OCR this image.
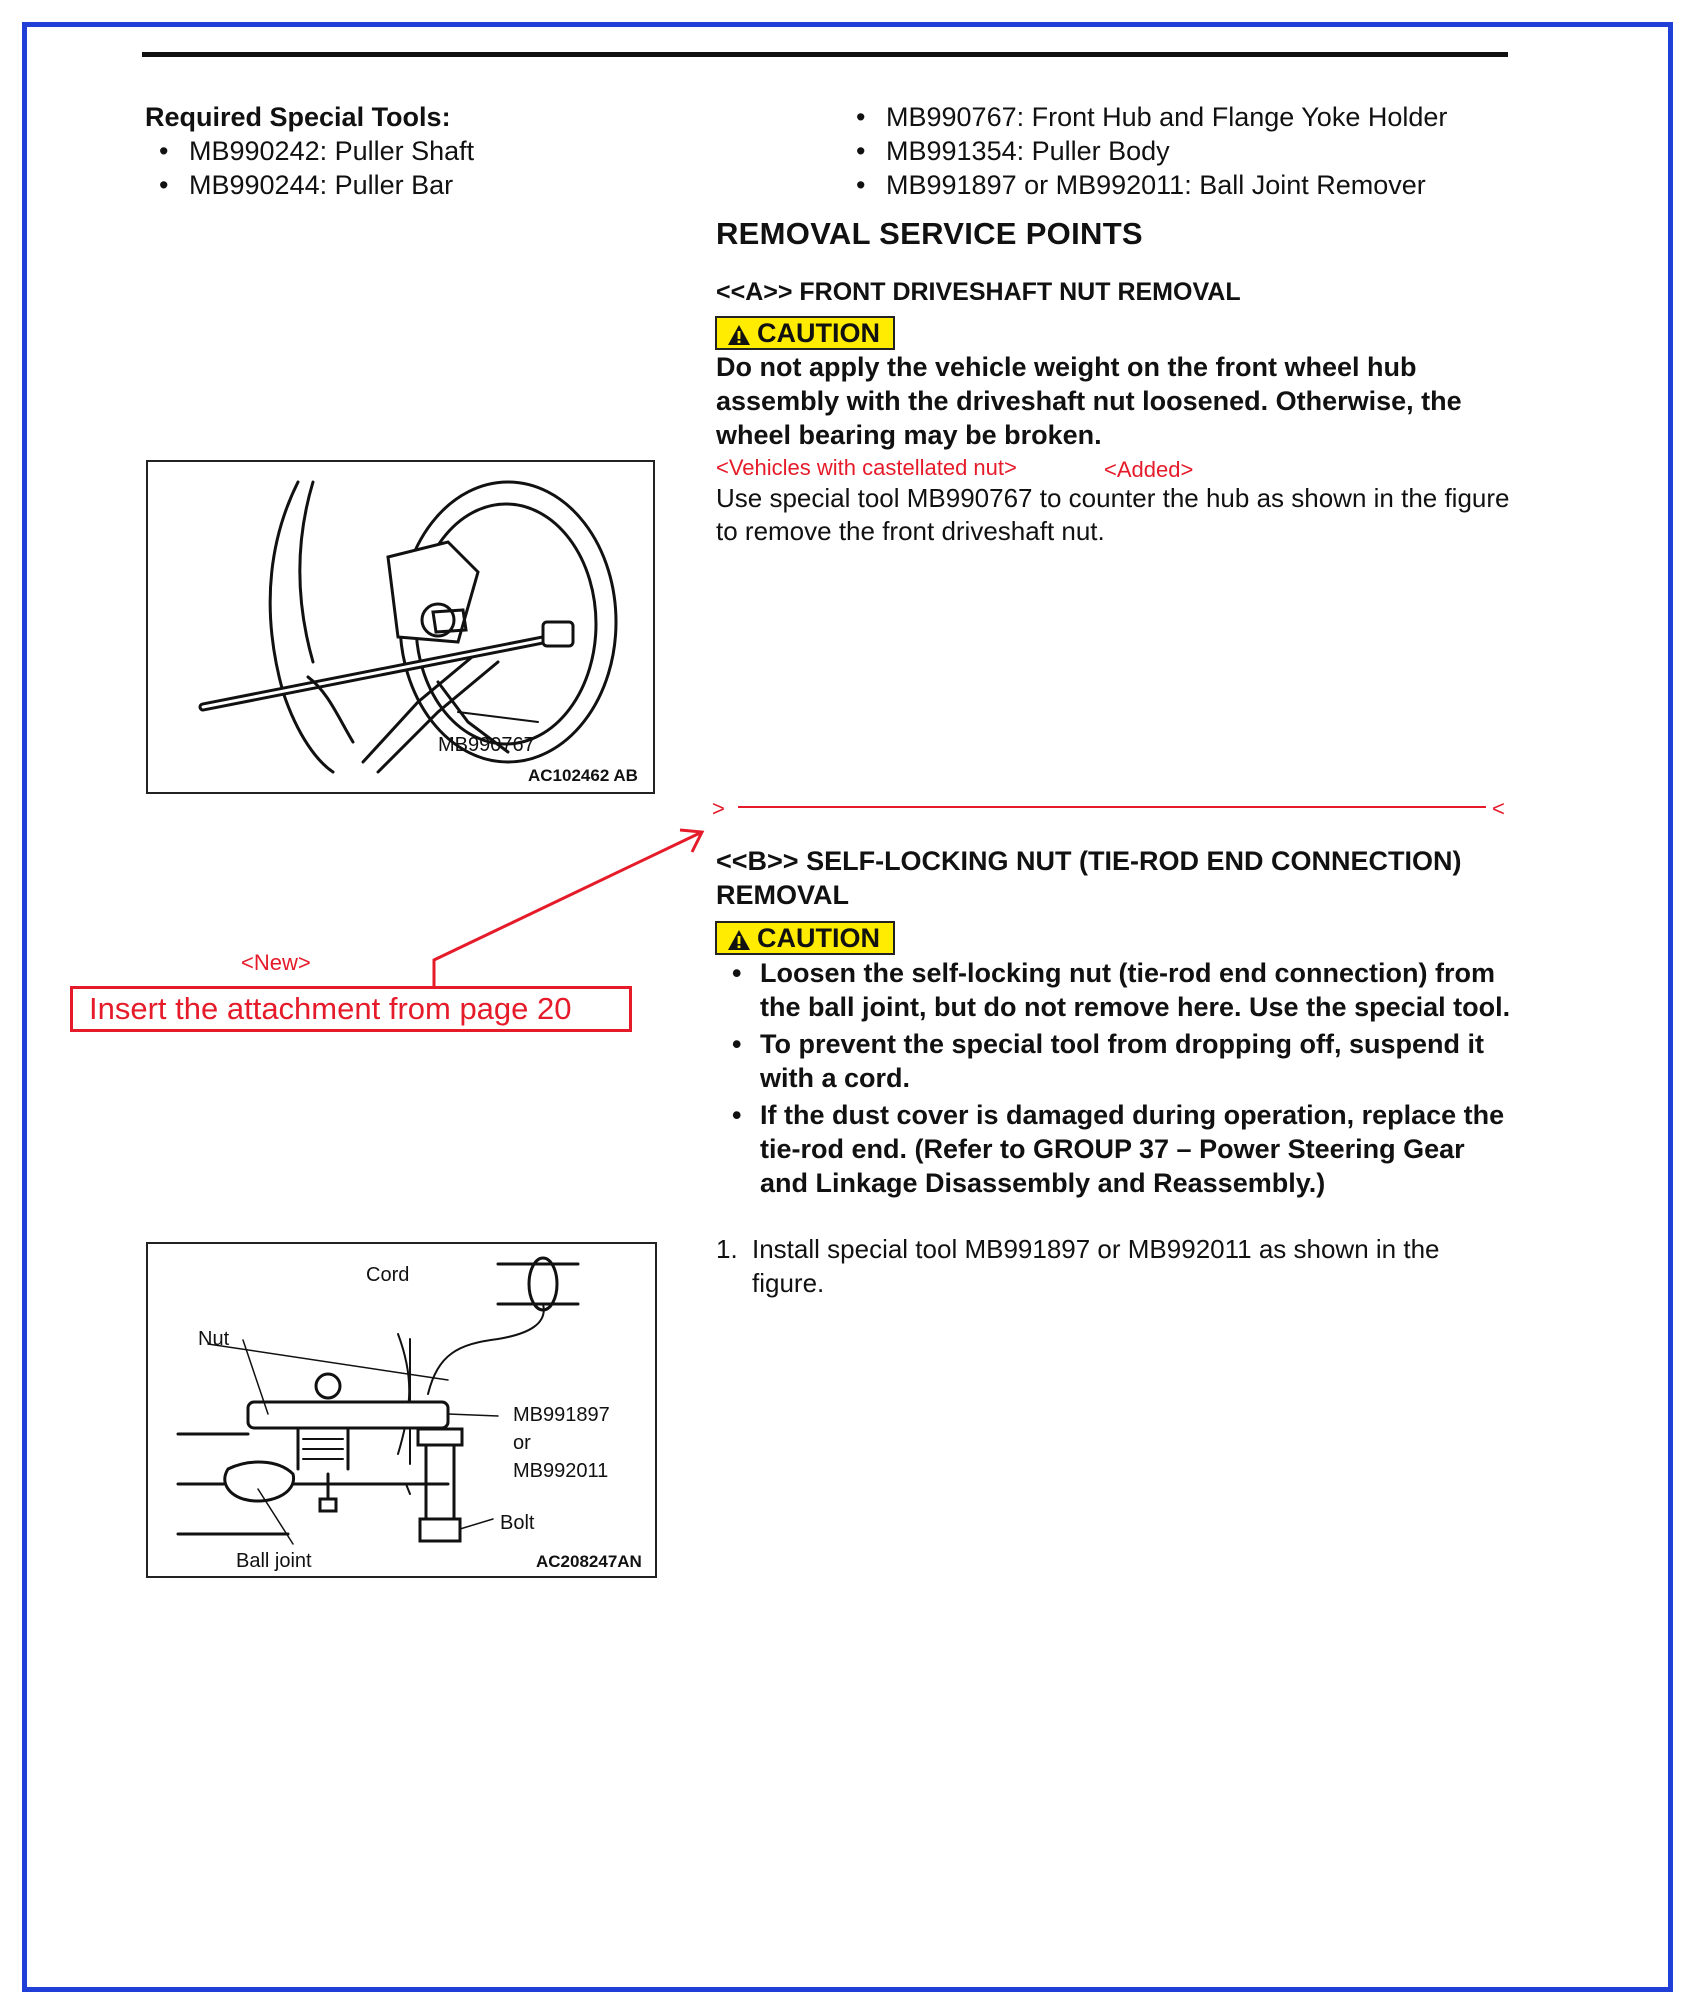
Required Special Tools:
• MB990242: Puller Shaft
• MB990244: Puller Bar
• MB990767: Front Hub and Flange Yoke Holder
• MB991354: Puller Body
• MB991897 or MB992011: Ball Joint Remover
REMOVAL SERVICE POINTS
<<A>> FRONT DRIVESHAFT NUT REMOVAL
CAUTION
Do not apply the vehicle weight on the front wheel hub assembly with the driveshaft nut loosened. Otherwise, the wheel bearing may be broken.
<Vehicles with castellated nut>	<Added>
Use special tool MB990767 to counter the hub as shown in the figure to remove the front driveshaft nut.
MB990767
AC102462 AB
>	<
<<B>> SELF-LOCKING NUT (TIE-ROD END CONNECTION) REMOVAL
CAUTION
• Loosen the self-locking nut (tie-rod end connection) from the ball joint, but do not remove here. Use the special tool.
• To prevent the special tool from dropping off, suspend it with a cord.
• If the dust cover is damaged during operation, replace the tie-rod end. (Refer to GROUP 37 – Power Steering Gear and Linkage Disassembly and Reassembly.)
1. Install special tool MB991897 or MB992011 as shown in the figure.
<New>
Insert the attachment from page 20
Cord
Nut
MB991897
or
MB992011
Bolt
Ball joint	AC208247AN
